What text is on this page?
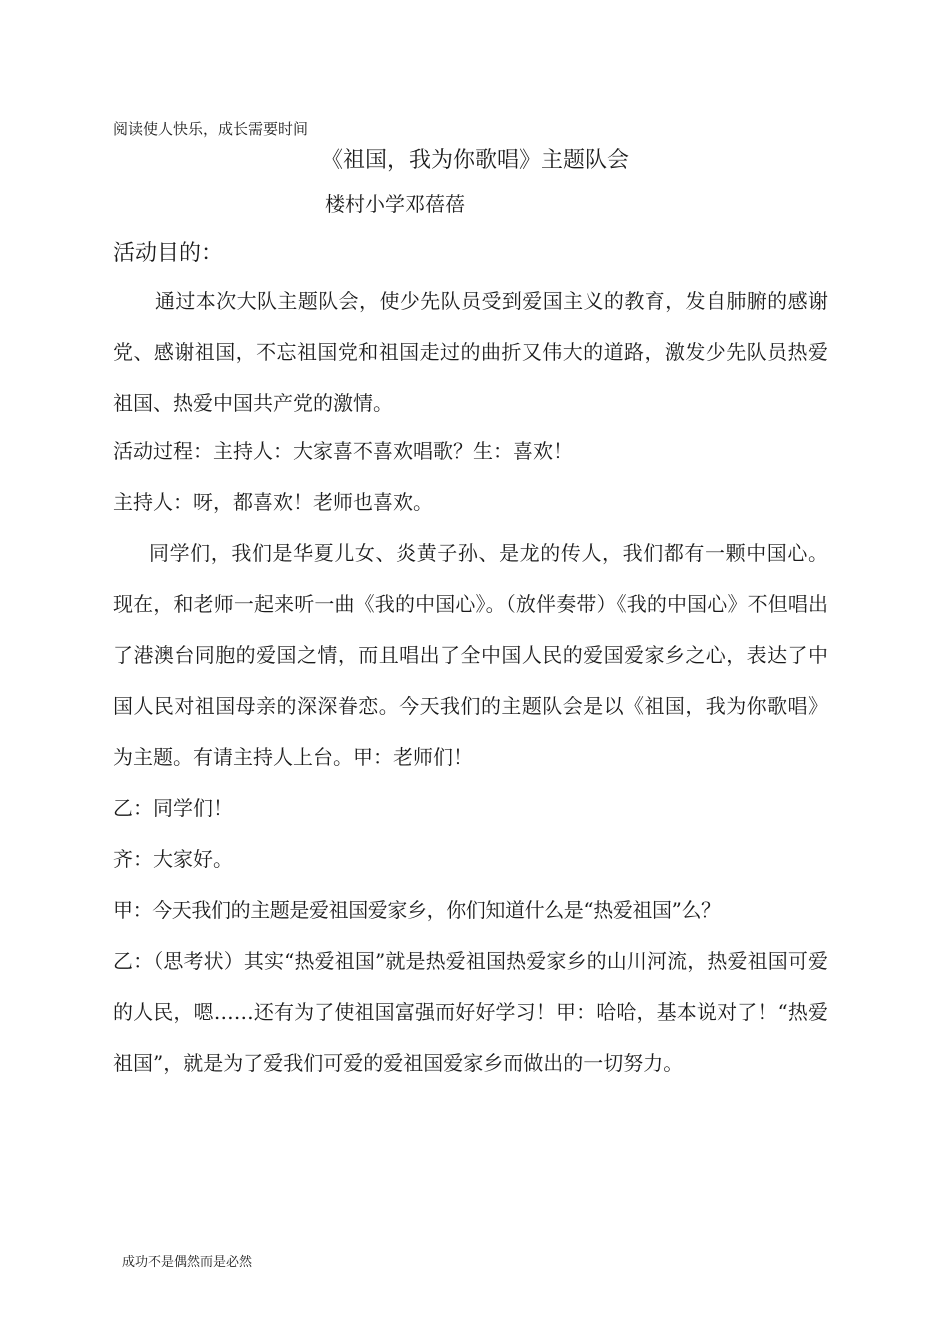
阅读使人快乐，成长需要时间
《祖国，我为你歌唱》主题队会
楼村小学邓蓓蓓
活动目的：

通过本次大队主题队会，使少先队员受到爱国主义的教育，发自肺腑的感谢党、感谢祖国，不忘祖国党和祖国走过的曲折又伟大的道路，激发少先队员热爱祖国、热爱中国共产党的激情。

活动过程：主持人：大家喜不喜欢唱歌？生：喜欢！

主持人：呀，都喜欢！老师也喜欢。

同学们，我们是华夏儿女、炎黄子孙、是龙的传人，我们都有一颗中国心。现在，和老师一起来听一曲《我的中国心》。（放伴奏带）《我的中国心》不但唱出了港澳台同胞的爱国之情，而且唱出了全中国人民的爱国爱家乡之心，表达了中国人民对祖国母亲的深深眷恋。今天我们的主题队会是以《祖国，我为你歌唱》为主题。有请主持人上台。甲：老师们！

乙：同学们！

齐：大家好。

甲：今天我们的主题是爱祖国爱家乡，你们知道什么是“热爱祖国”么？

乙：（思考状）其实“热爱祖国”就是热爱祖国热爱家乡的山川河流，热爱祖国可爱的人民，嗯……还有为了使祖国富强而好好学习！甲：哈哈，基本说对了！“热爱祖国”，就是为了爱我们可爱的爱祖国爱家乡而做出的一切努力。

成功不是偶然而是必然
